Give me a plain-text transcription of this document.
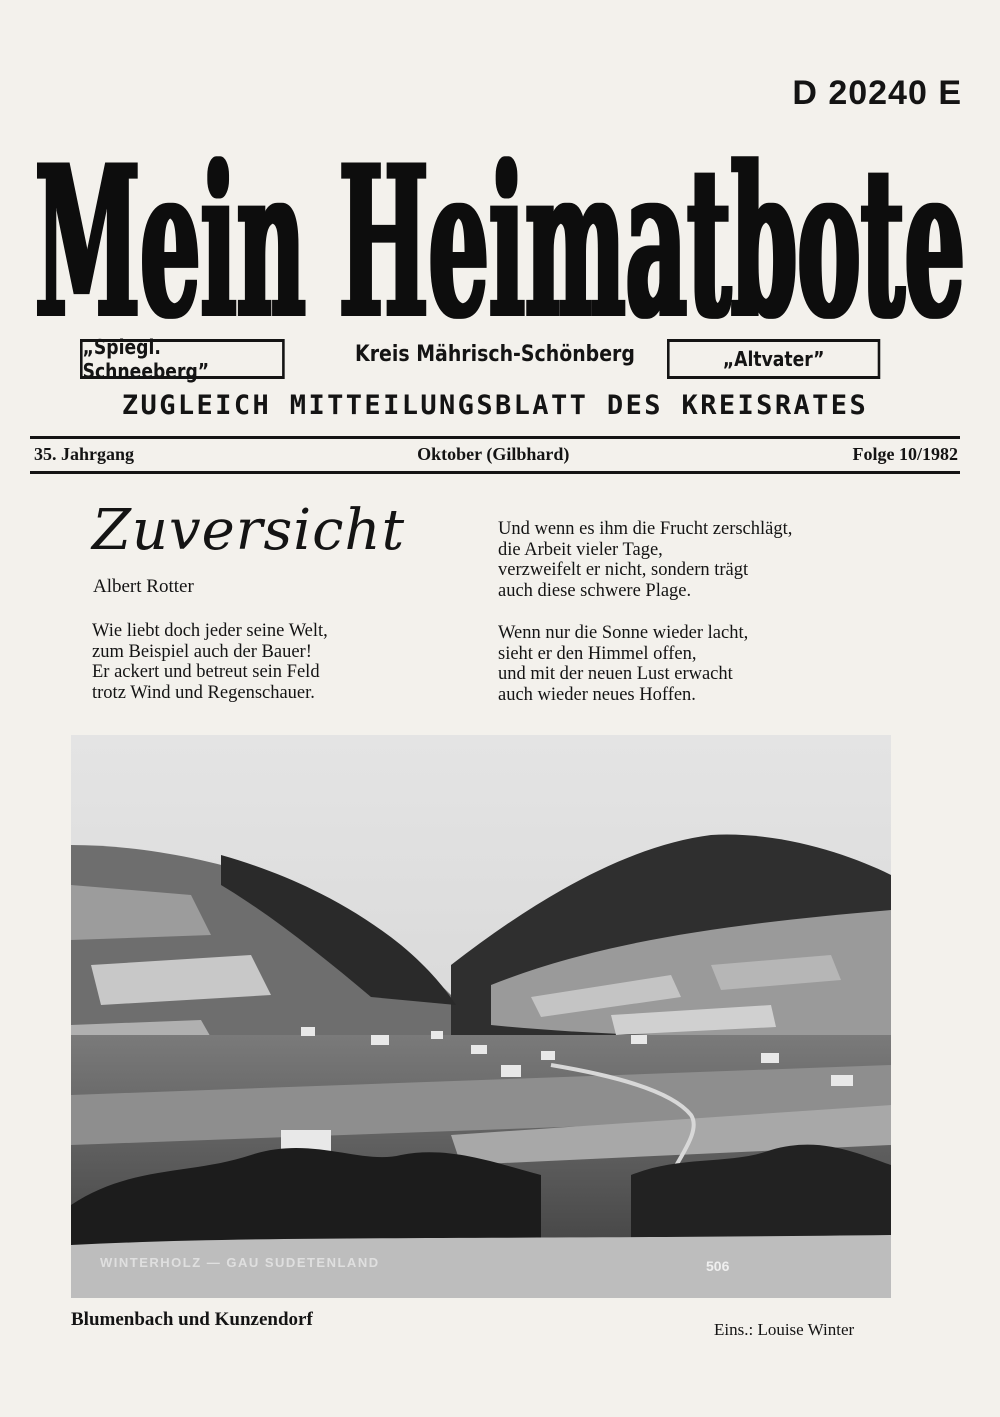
D 20240 E
Mein Heimatbote
„Spiegl. Schneeberg”
Kreis Mährisch-Schönberg	„Altvater”
ZUGLEICH MITTEILUNGSBLATT DES KREISRATES
35. Jahrgang	Oktober (Gilbhard)	Folge 10/1982
Zuversicht
Albert Rotter
Wie liebt doch jeder seine Welt,
zum Beispiel auch der Bauer!
Er ackert und betreut sein Feld
trotz Wind und Regenschauer.
Und wenn es ihm die Frucht zerschlägt,
die Arbeit vieler Tage,
verzweifelt er nicht, sondern trägt
auch diese schwere Plage.
Wenn nur die Sonne wieder lacht,
sieht er den Himmel offen,
und mit der neuen Lust erwacht
auch wieder neues Hoffen.
WINTERHOLZ — GAU SUDETENLAND	506
Blumenbach und Kunzendorf	Eins.: Louise Winter
